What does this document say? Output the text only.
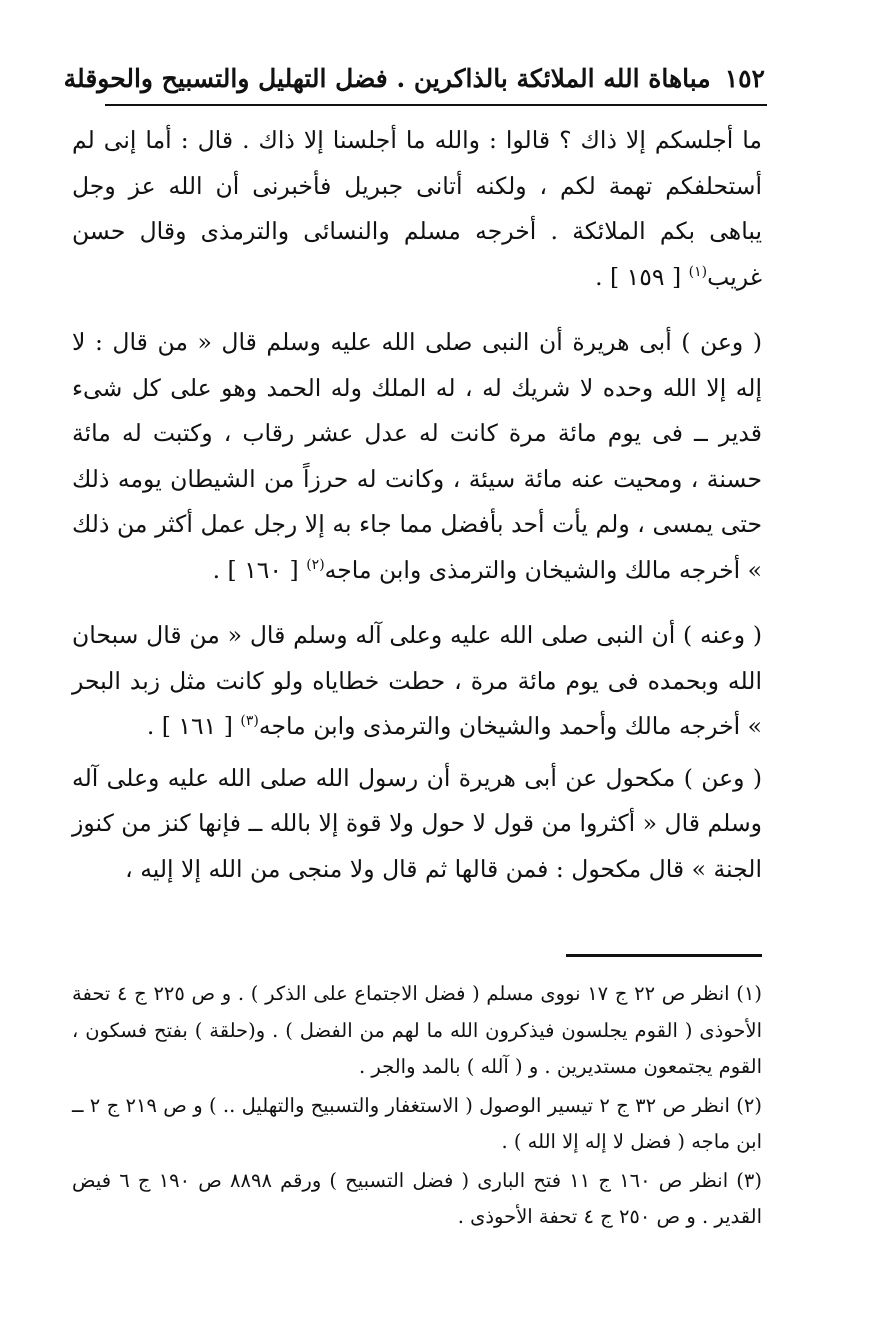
١٥٢
مباهاة الله الملائكة بالذاكرين . فضل التهليل والتسبيح والحوقلة

ما أجلسكم إلا ذاك ؟ قالوا : والله ما أجلسنا إلا ذاك . قال : أما إنى لم أستحلفكم تهمة لكم ، ولكنه أتانى جبريل فأخبرنى أن الله عز وجل يباهى بكم الملائكة . أخرجه مسلم والنسائى والترمذى وقال حسن غريب$^{(١)}$ [ ١٥٩ ] .

( وعن ) أبى هريرة أن النبى صلى الله عليه وسلم قال « من قال : لا إله إلا الله وحده لا شريك له ، له الملك وله الحمد وهو على كل شىء قدير ــ فى يوم مائة مرة كانت له عدل عشر رقاب ، وكتبت له مائة حسنة ، ومحيت عنه مائة سيئة ، وكانت له حرزاً من الشيطان يومه ذلك حتى يمسى ، ولم يأت أحد بأفضل مما جاء به إلا رجل عمل أكثر من ذلك » أخرجه مالك والشيخان والترمذى وابن ماجه$^{(٢)}$ [ ١٦٠ ] .

( وعنه ) أن النبى صلى الله عليه وعلى آله وسلم قال « من قال سبحان الله وبحمده فى يوم مائة مرة ، حطت خطاياه ولو كانت مثل زبد البحر » أخرجه مالك وأحمد والشيخان والترمذى وابن ماجه$^{(٣)}$ [ ١٦١ ] .

( وعن ) مكحول عن أبى هريرة أن رسول الله صلى الله عليه وعلى آله وسلم قال « أكثروا من قول لا حول ولا قوة إلا بالله ــ فإنها كنز من كنوز الجنة » قال مكحول : فمن قالها ثم قال ولا منجى من الله إلا إليه ،

(١) انظر ص ٢٢ ج ١٧ نووى مسلم ( فضل الاجتماع على الذكر ) . و ص ٢٢٥ ج ٤ تحفة الأحوذى ( القوم يجلسون فيذكرون الله ما لهم من الفضل ) . و(حلقة ) بفتح فسكون ، القوم يجتمعون مستديرين . و ( آلله ) بالمد والجر .

(٢) انظر ص ٣٢ ج ٢ تيسير الوصول ( الاستغفار والتسبيح والتهليل .. ) و ص ٢١٩ ج ٢ ــ ابن ماجه ( فضل لا إله إلا الله ) .

(٣) انظر ص ١٦٠ ج ١١ فتح البارى ( فضل التسبيح ) ورقم ٨٨٩٨ ص ١٩٠ ج ٦ فيض القدير . و ص ٢٥٠ ج ٤ تحفة الأحوذى .
